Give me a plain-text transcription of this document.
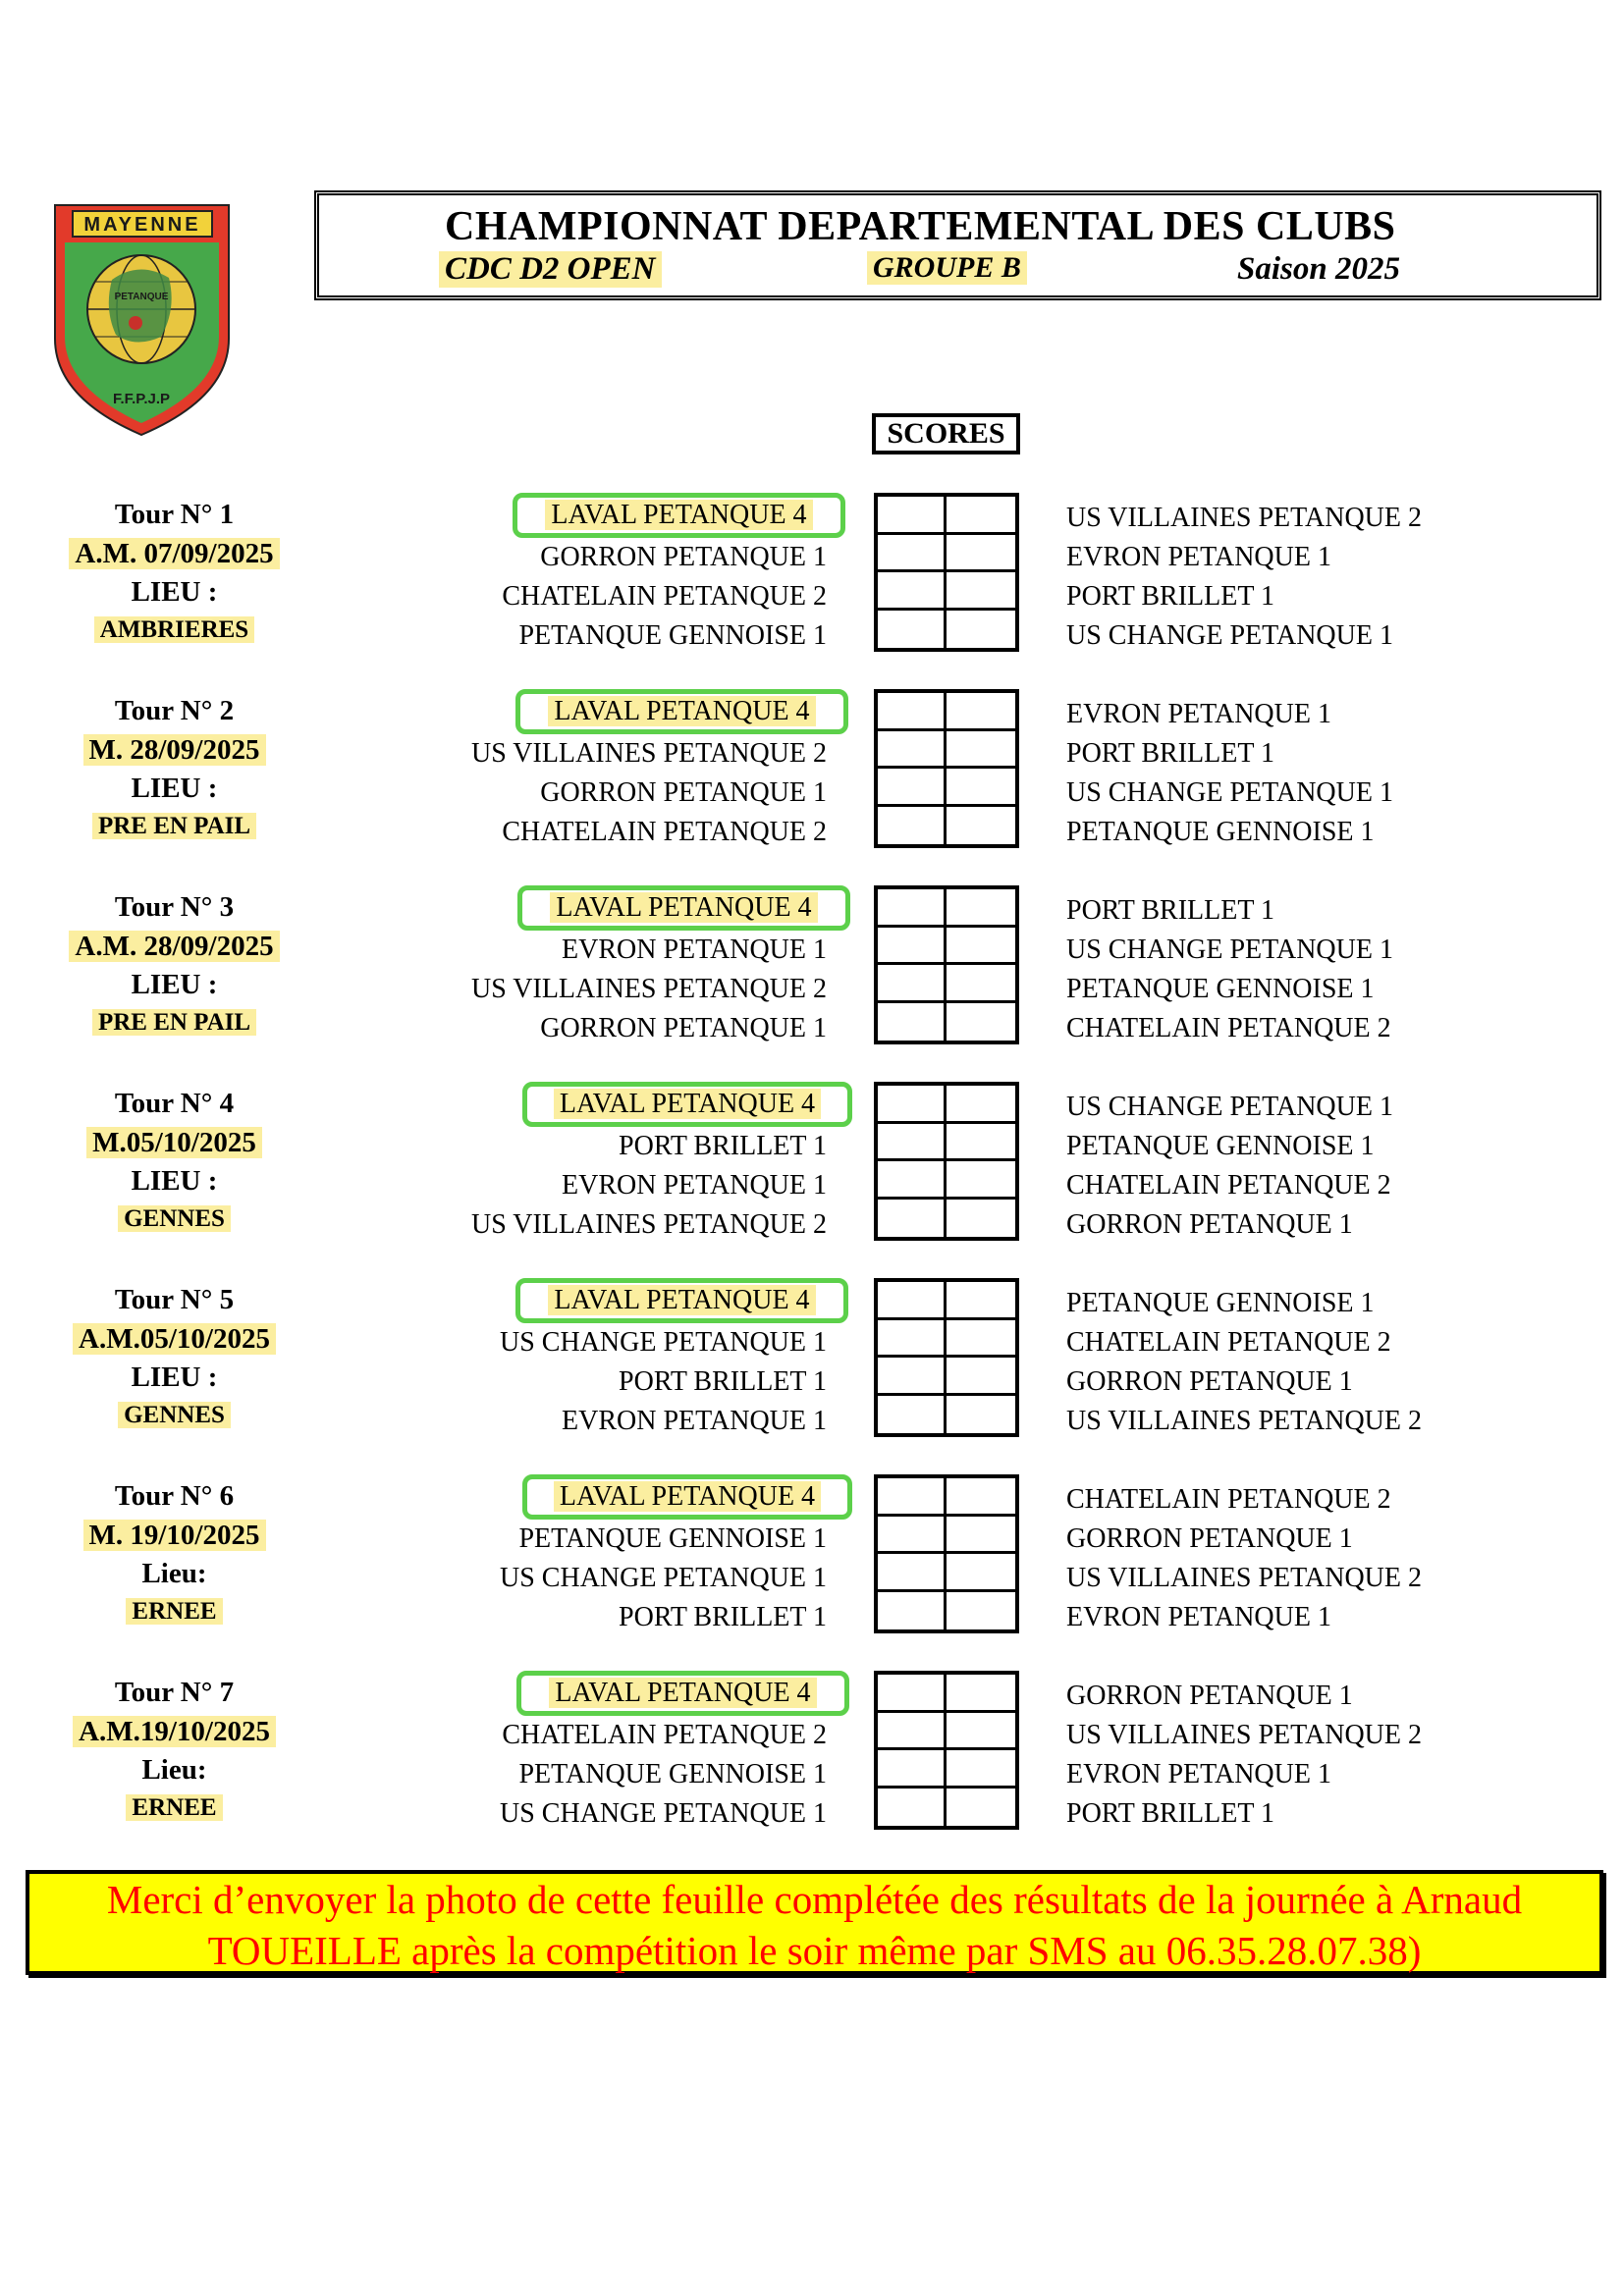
MAYENNE
PETANQUE
F.F.P.J.P
CHAMPIONNAT DEPARTEMENTAL DES CLUBS
CDC D2 OPEN	GROUPE B	Saison 2025
SCORES
Tour N° 1
A.M. 07/09/2025
LIEU :
AMBRIERES
LAVAL PETANQUE 4
GORRON PETANQUE 1
CHATELAIN PETANQUE 2
PETANQUE GENNOISE 1
US VILLAINES PETANQUE 2
EVRON PETANQUE 1
PORT BRILLET 1
US CHANGE PETANQUE 1
Tour N° 2
M. 28/09/2025
LIEU :
PRE EN PAIL
LAVAL PETANQUE 4
US VILLAINES PETANQUE 2
GORRON PETANQUE 1
CHATELAIN PETANQUE 2
EVRON PETANQUE 1
PORT BRILLET 1
US CHANGE PETANQUE 1
PETANQUE GENNOISE 1
Tour N° 3
A.M. 28/09/2025
LIEU :
PRE EN PAIL
LAVAL PETANQUE 4
EVRON PETANQUE 1
US VILLAINES PETANQUE 2
GORRON PETANQUE 1
PORT BRILLET 1
US CHANGE PETANQUE 1
PETANQUE GENNOISE 1
CHATELAIN PETANQUE 2
Tour N° 4
M.05/10/2025
LIEU :
GENNES
LAVAL PETANQUE 4
PORT BRILLET 1
EVRON PETANQUE 1
US VILLAINES PETANQUE 2
US CHANGE PETANQUE 1
PETANQUE GENNOISE 1
CHATELAIN PETANQUE 2
GORRON PETANQUE 1
Tour N° 5
A.M.05/10/2025
LIEU :
GENNES
LAVAL PETANQUE 4
US CHANGE PETANQUE 1
PORT BRILLET 1
EVRON PETANQUE 1
PETANQUE GENNOISE 1
CHATELAIN PETANQUE 2
GORRON PETANQUE 1
US VILLAINES PETANQUE 2
Tour N° 6
M. 19/10/2025
Lieu:
ERNEE
LAVAL PETANQUE 4
PETANQUE GENNOISE 1
US CHANGE PETANQUE 1
PORT BRILLET 1
CHATELAIN PETANQUE 2
GORRON PETANQUE 1
US VILLAINES PETANQUE 2
EVRON PETANQUE 1
Tour N° 7
A.M.19/10/2025
Lieu:
ERNEE
LAVAL PETANQUE 4
CHATELAIN PETANQUE 2
PETANQUE GENNOISE 1
US CHANGE PETANQUE 1
GORRON PETANQUE 1
US VILLAINES PETANQUE 2
EVRON PETANQUE 1
PORT BRILLET 1
Merci d’envoyer la photo de cette feuille complétée des résultats de la journée à Arnaud
TOUEILLE après la compétition le soir même par SMS au 06.35.28.07.38)
